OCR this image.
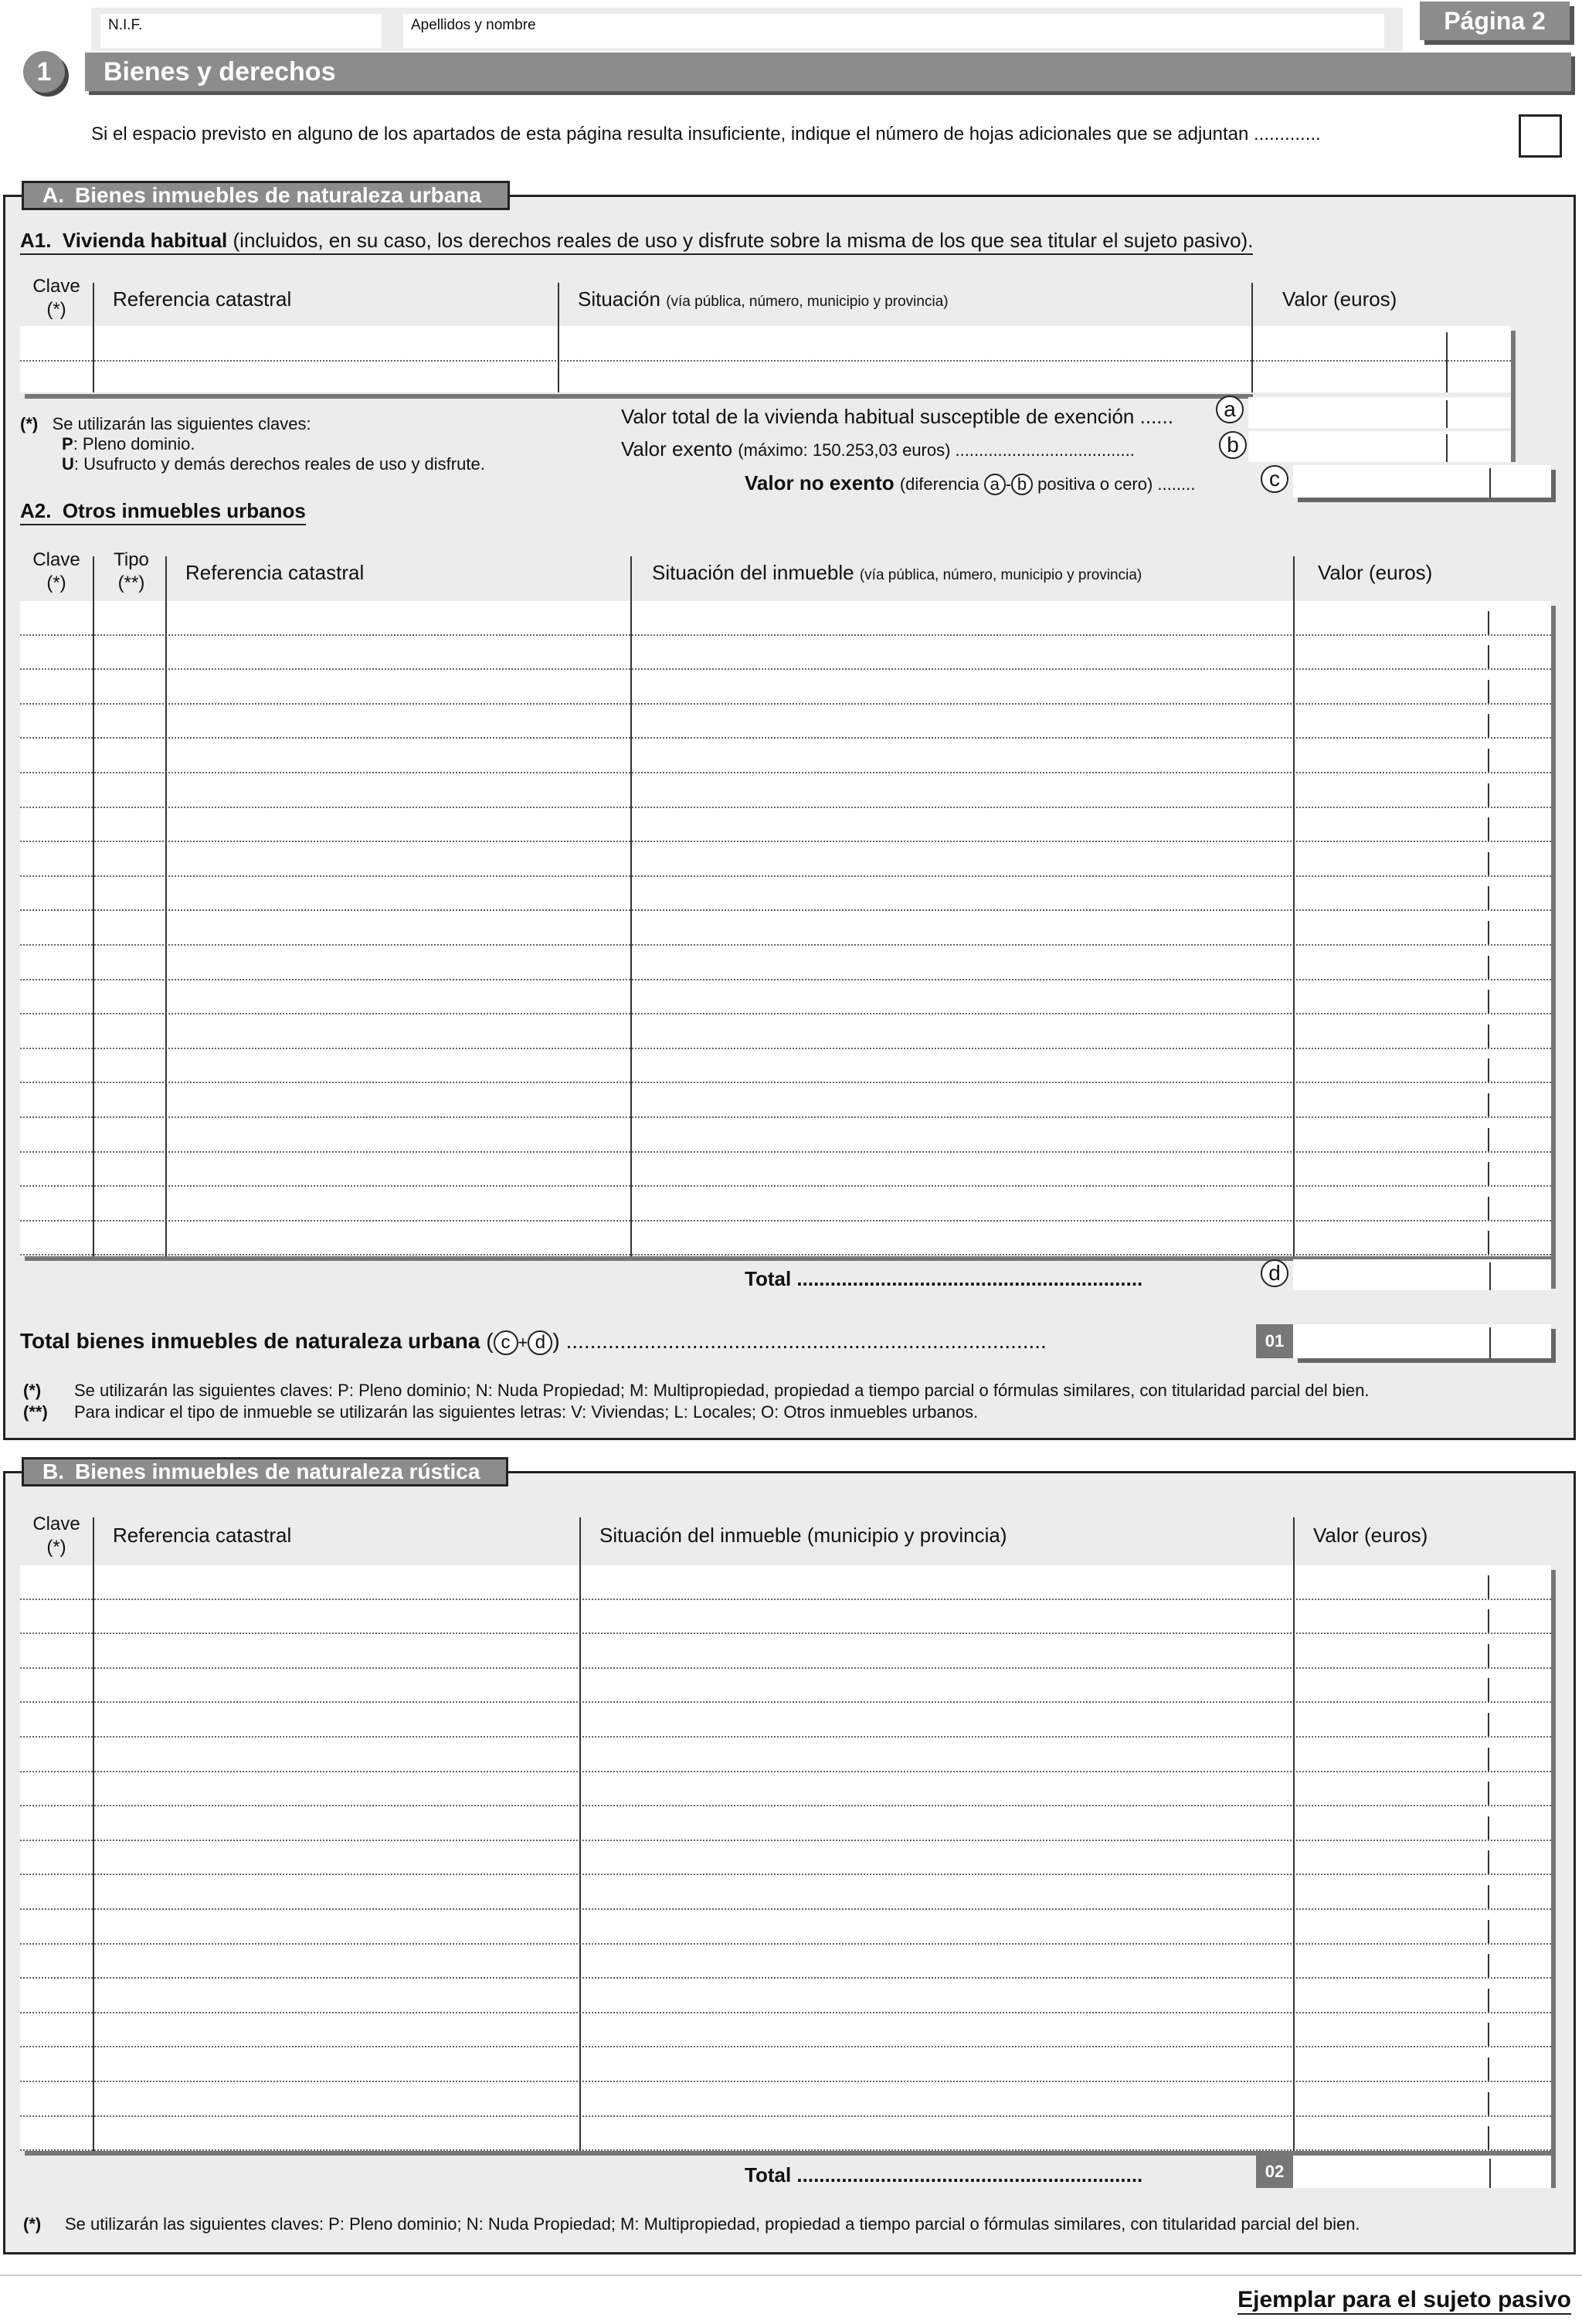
N.I.F.	Apellidos y nombre	Página 2
1	Bienes y derechos
Si el espacio previsto en alguno de los apartados de esta página resulta insuficiente, indique el número de hojas adicionales que se adjuntan .............
A. Bienes inmuebles de naturaleza urbana
A1. Vivienda habitual (incluidos, en su caso, los derechos reales de uso y disfrute sobre la misma de los que sea titular el sujeto pasivo).
Clave
(*)	Referencia catastral	Situación (vía pública, número, municipio y provincia)	Valor (euros)
(*) Se utilizarán las siguientes claves:
P: Pleno dominio.
U: Usufructo y demás derechos reales de uso y disfrute.
Valor total de la vivienda habitual susceptible de exención ......	a
Valor exento (máximo: 150.253,03 euros) ......................................	b
Valor no exento (diferencia a - b positiva o cero) ........	c
A2. Otros inmuebles urbanos
Clave
(*)
Tipo
(**)	Referencia catastral	Situación del inmueble (vía pública, número, municipio y provincia)	Valor (euros)
Total ..............................................................	d
Total bienes inmuebles de naturaleza urbana ( c + d ) ................................................................................	01
(*) Se utilizarán las siguientes claves: P: Pleno dominio; N: Nuda Propiedad; M: Multipropiedad, propiedad a tiempo parcial o fórmulas similares, con titularidad parcial del bien.
(**) Para indicar el tipo de inmueble se utilizarán las siguientes letras: V: Viviendas; L: Locales; O: Otros inmuebles urbanos.
B. Bienes inmuebles de naturaleza rústica
Clave
(*)
Referencia catastral	Situación del inmueble (municipio y provincia)	Valor (euros)
Total ..............................................................	02
(*) Se utilizarán las siguientes claves: P: Pleno dominio; N: Nuda Propiedad; M: Multipropiedad, propiedad a tiempo parcial o fórmulas similares, con titularidad parcial del bien.
Ejemplar para el sujeto pasivo
